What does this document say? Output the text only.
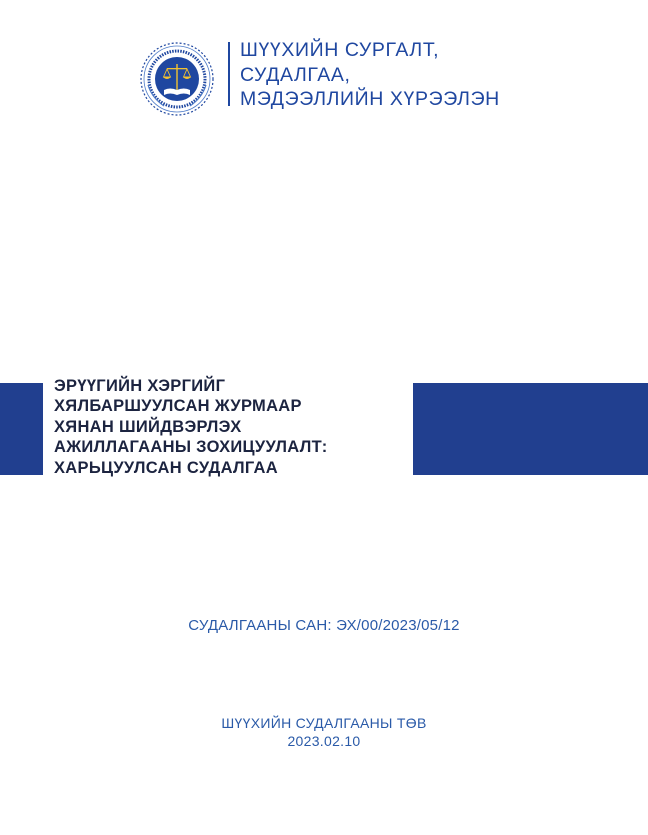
ШҮҮХИЙН СУРГАЛТ,
СУДАЛГАА,
МЭДЭЭЛЛИЙН ХҮРЭЭЛЭН
ЭРҮҮГИЙН ХЭРГИЙГ
ХЯЛБАРШУУЛСАН ЖУРМААР
ХЯНАН ШИЙДВЭРЛЭХ
АЖИЛЛАГААНЫ ЗОХИЦУУЛАЛТ:
ХАРЬЦУУЛСАН СУДАЛГАА
СУДАЛГААНЫ САН: ЭХ/00/2023/05/12
ШҮҮХИЙН СУДАЛГААНЫ ТӨВ
2023.02.10
